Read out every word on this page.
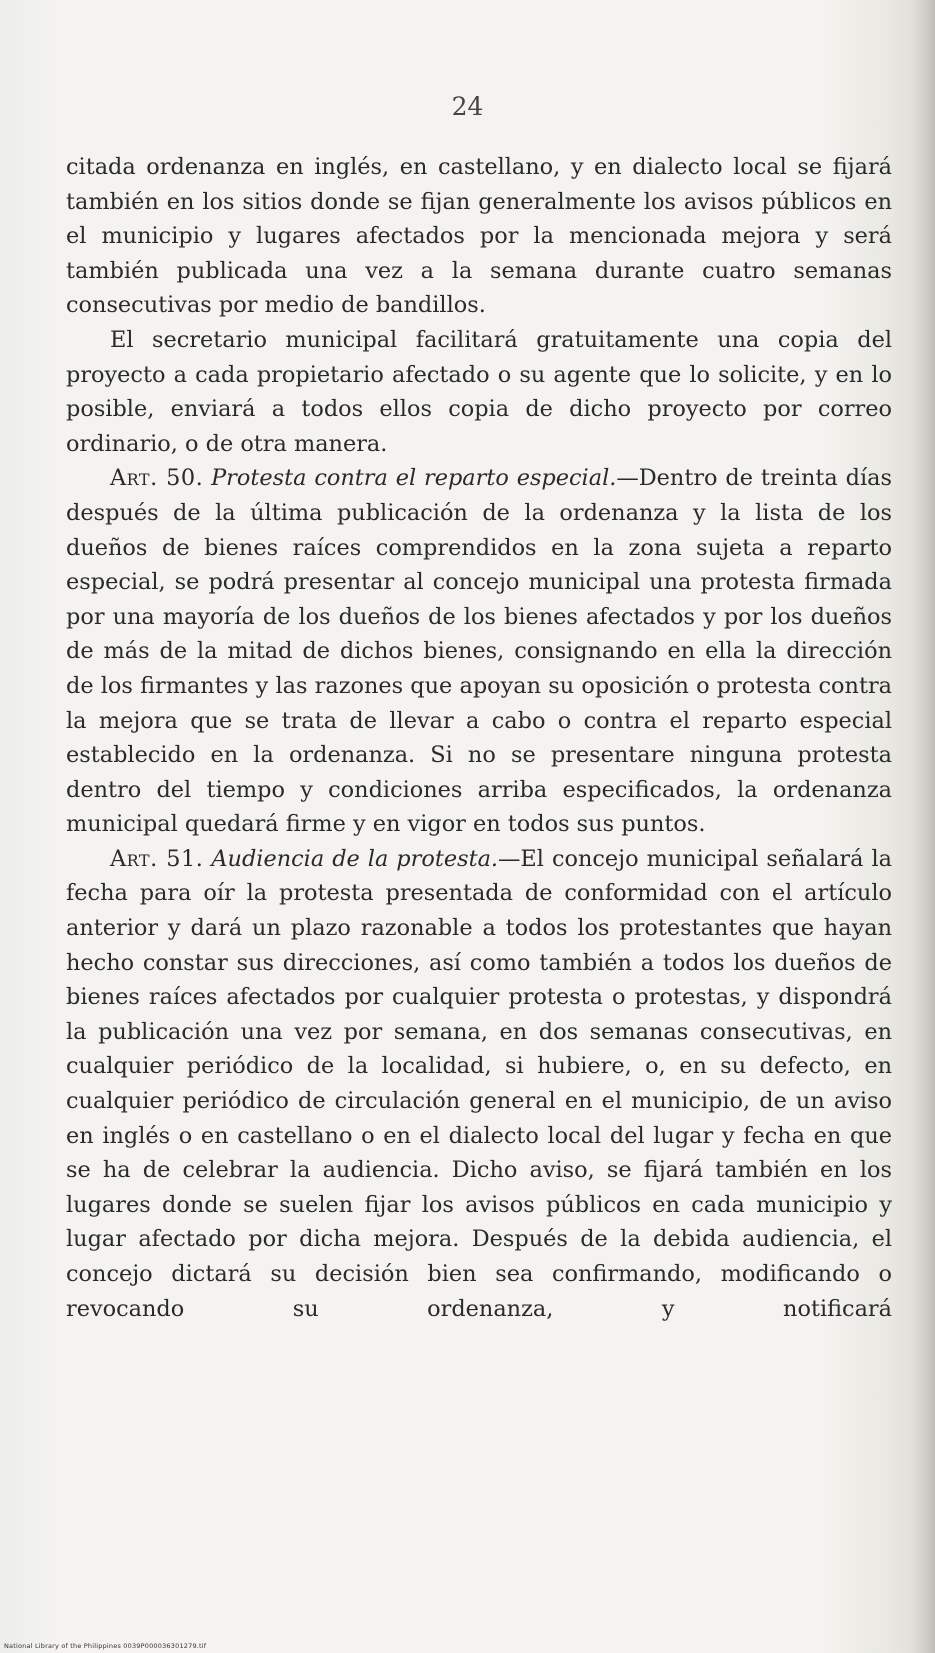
24

citada ordenanza en inglés, en castellano, y en dialecto local se fijará también en los sitios donde se fijan generalmente los avisos públicos en el municipio y lugares afectados por la mencionada mejora y será también publicada una vez a la semana durante cuatro semanas consecutivas por medio de bandillos.

El secretario municipal facilitará gratuitamente una copia del proyecto a cada propietario afectado o su agente que lo solicite, y en lo posible, enviará a todos ellos copia de dicho proyecto por correo ordinario, o de otra manera.

Art. 50. Protesta contra el reparto especial.—Dentro de treinta días después de la última publicación de la ordenanza y la lista de los dueños de bienes raíces comprendidos en la zona sujeta a reparto especial, se podrá presentar al concejo municipal una protesta firmada por una mayoría de los dueños de los bienes afectados y por los dueños de más de la mitad de dichos bienes, consignando en ella la dirección de los firmantes y las razones que apoyan su oposición o protesta contra la mejora que se trata de llevar a cabo o contra el reparto especial establecido en la ordenanza. Si no se presentare ninguna protesta dentro del tiempo y condiciones arriba especificados, la ordenanza municipal quedará firme y en vigor en todos sus puntos.

Art. 51. Audiencia de la protesta.—El concejo municipal señalará la fecha para oír la protesta presentada de conformidad con el artículo anterior y dará un plazo razonable a todos los protestantes que hayan hecho constar sus direcciones, así como también a todos los dueños de bienes raíces afectados por cualquier protesta o protestas, y dispondrá la publicación una vez por semana, en dos semanas consecutivas, en cualquier periódico de la localidad, si hubiere, o, en su defecto, en cualquier periódico de circulación general en el municipio, de un aviso en inglés o en castellano o en el dialecto local del lugar y fecha en que se ha de celebrar la audiencia. Dicho aviso, se fijará también en los lugares donde se suelen fijar los avisos públicos en cada municipio y lugar afectado por dicha mejora. Después de la debida audiencia, el concejo dictará su decisión bien sea confirmando, modificando o revocando su ordenanza, y notificará

National Library of the Philippines 0039P000036301279.tif
